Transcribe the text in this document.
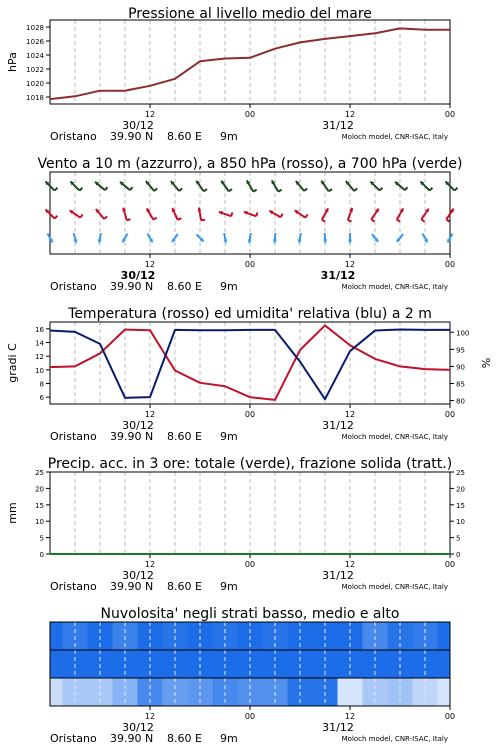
Pressione al livello medio del mare
12	00	12	00
30/12	31/12
Oristano 39.90 N 8.60 E 9m	Moloch model, CNR-ISAC, Italy
1018
1020
1022
1024
1026
1028
hPa
Vento a 10 m (azzurro), a 850 hPa (rosso), a 700 hPa (verde)
12	00	12	00
30/12	31/12
Oristano 39.90 N 8.60 E 9m	Moloch model, CNR-ISAC, Italy
Temperatura (rosso) ed umidita' relativa (blu) a 2 m
12	00	12	00
30/12	31/12
Oristano 39.90 N 8.60 E 9m	Moloch model, CNR-ISAC, Italy
6
8
10
12
14
16
gradi C
80
85
90
95
100
%
Precip. acc. in 3 ore: totale (verde), frazione solida (tratt.)
12	00	12	00
30/12	31/12
Oristano 39.90 N 8.60 E 9m	Moloch model, CNR-ISAC, Italy
0
5
10
15
20
25
mm
0
5
10
15
20
25
Nuvolosita' negli strati basso, medio e alto
12	00	12	00
30/12	31/12
Oristano 39.90 N 8.60 E 9m	Moloch model, CNR-ISAC, Italy
